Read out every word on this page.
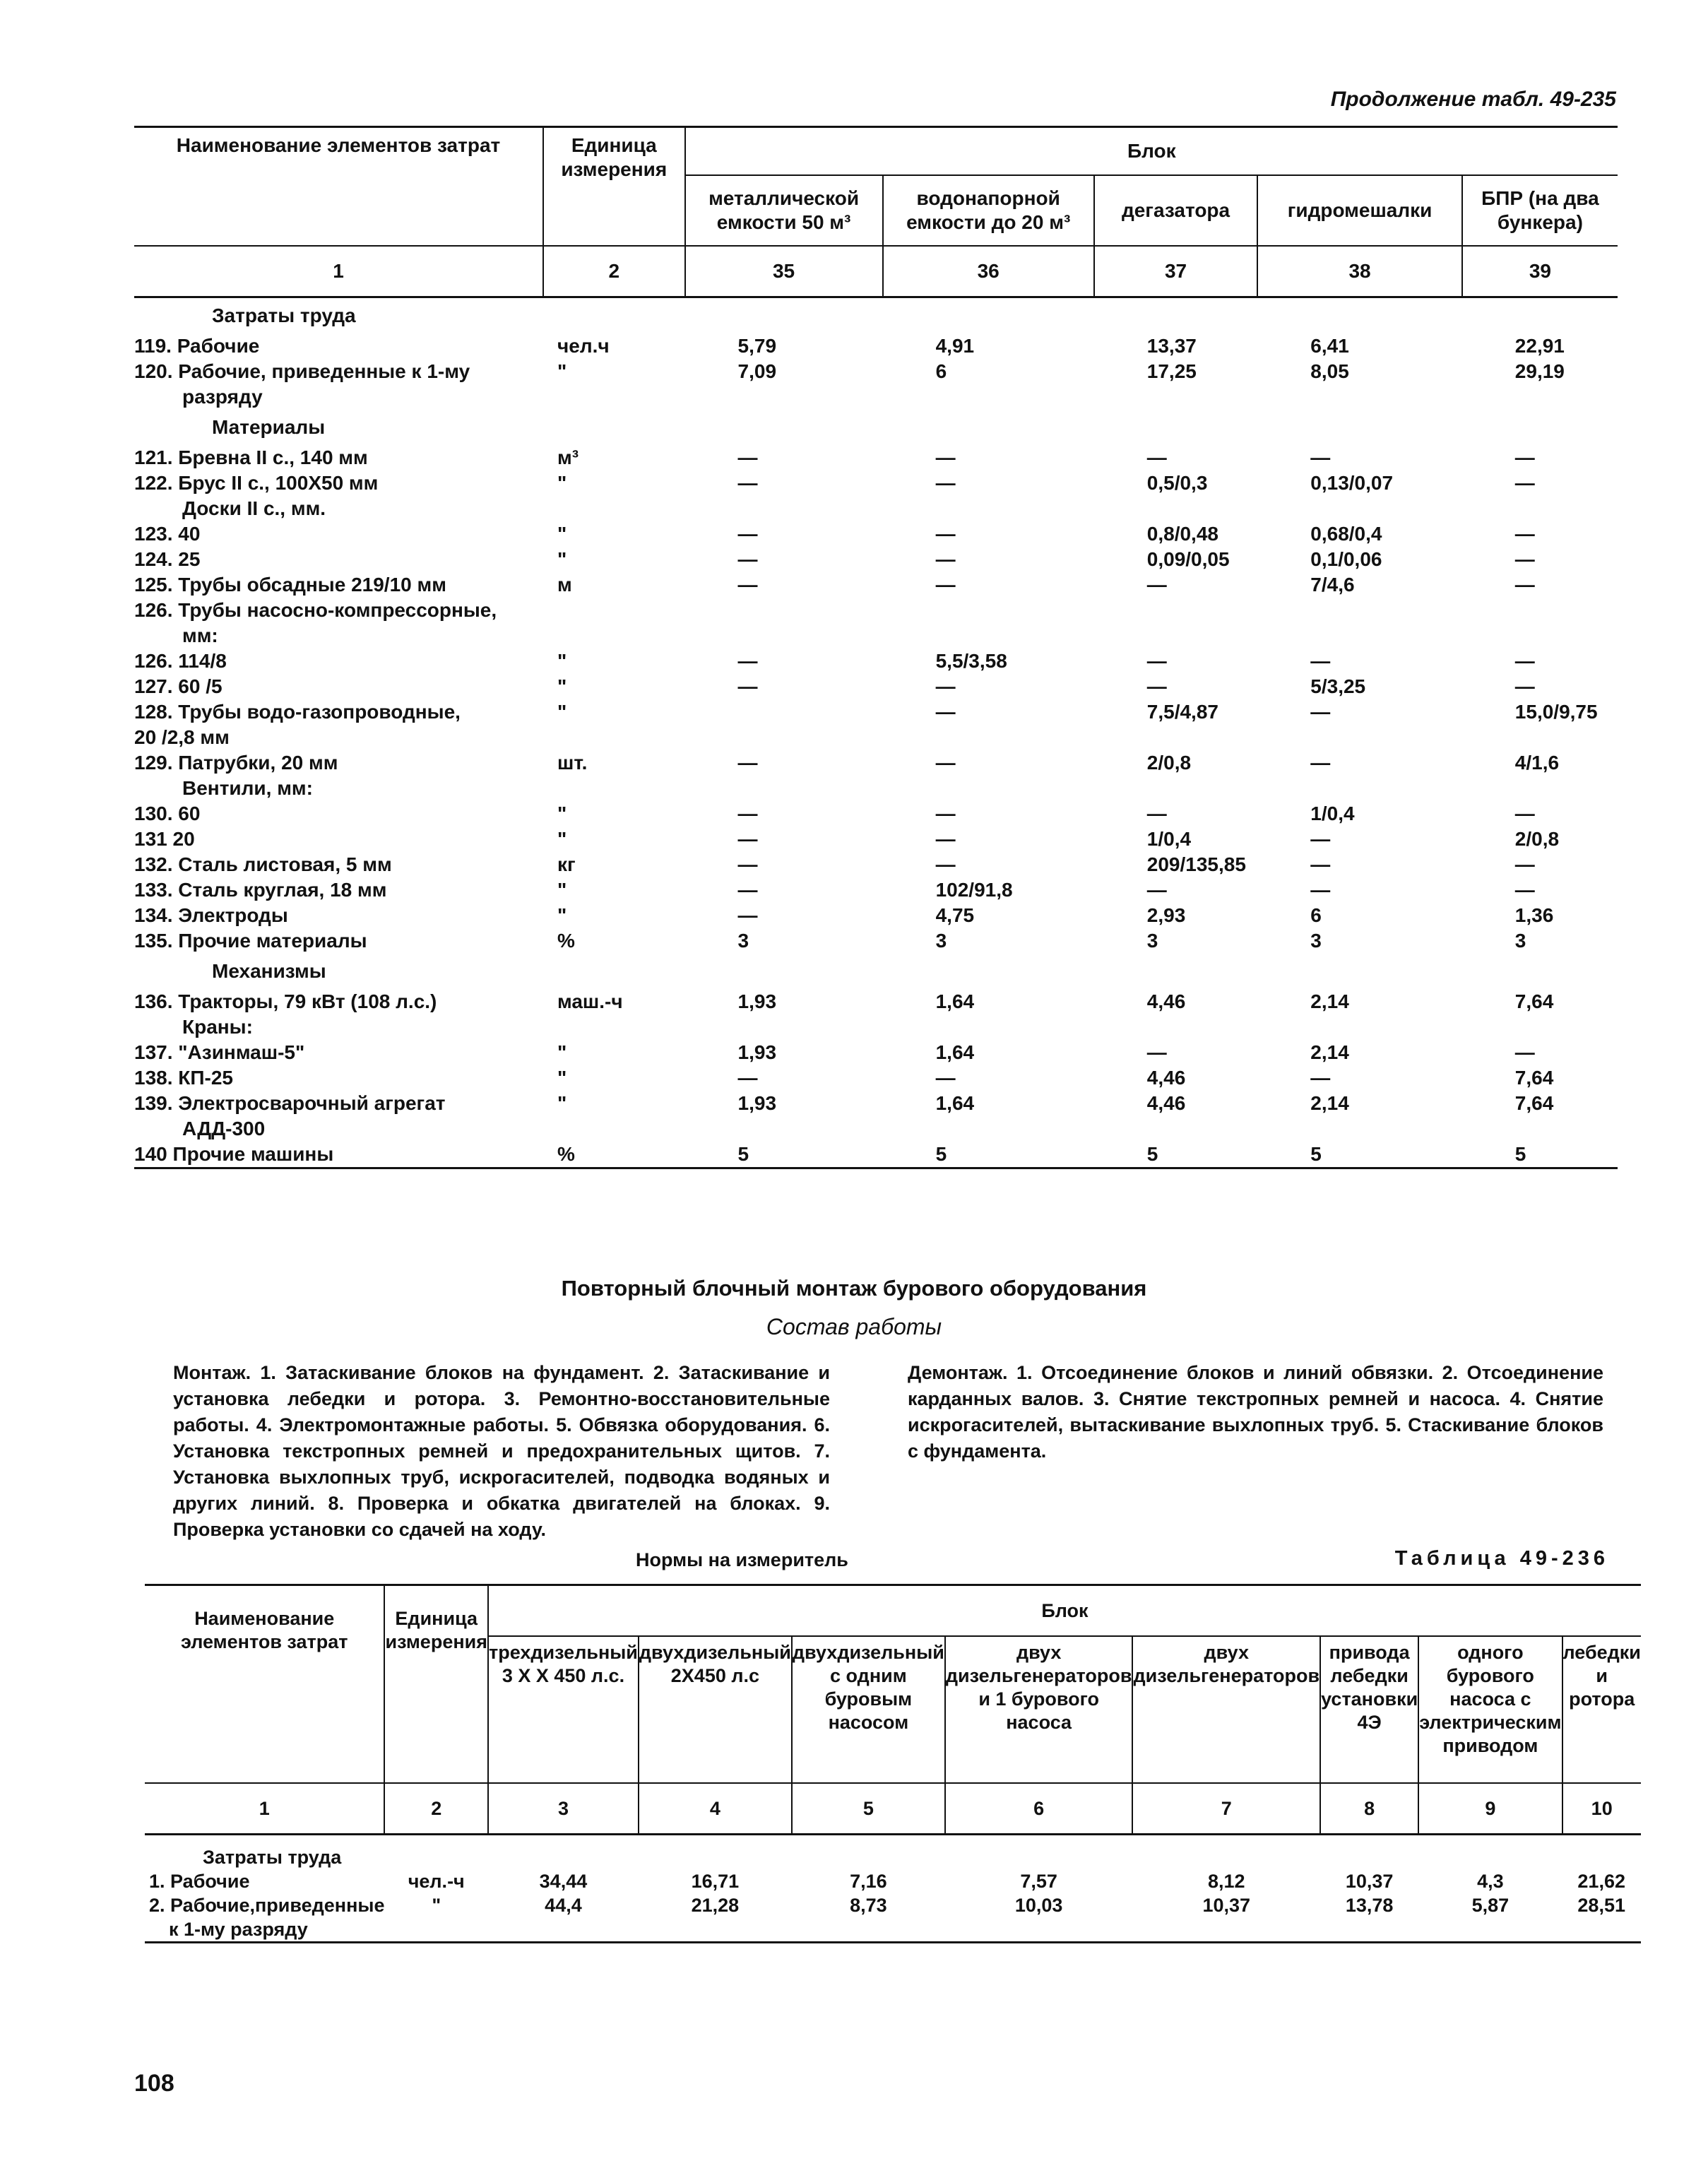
Продолжение табл. 49-235
Наименование элементов затрат	Единица измерения	Блок				
		металлической емкости 50 м³	водонапорной емкости до 20 м³	дегазатора	гидромешалки	БПР (на два бункера)
1	2	35	36	37	38	39
Затраты труда						
119. Рабочие	чел.ч	5,79	4,91	13,37	6,41	22,91
120. Рабочие, приведенные к 1-му	"	7,09	6	17,25	8,05	29,19
разряду						
Материалы						
121. Бревна II с., 140 мм	м³	—	—	—	—	—
122. Брус II с., 100Х50 мм	"	—	—	0,5/0,3	0,13/0,07	—
Доски II с., мм.						
123. 40	"	—	—	0,8/0,48	0,68/0,4	—
124. 25	"	—	—	0,09/0,05	0,1/0,06	—
125. Трубы обсадные 219/10 мм	м	—	—	—	7/4,6	—
126. Трубы насосно-компрессорные,						
мм:						
126. 114/8	"	—	5,5/3,58	—	—	—
127. 60 /5	"	—	—	—	5/3,25	—
128. Трубы водо-газопроводные,	"		—	7,5/4,87	—	15,0/9,75
20 /2,8 мм						
129. Патрубки, 20 мм	шт.	—	—	2/0,8	—	4/1,6
Вентили, мм:						
130. 60	"	—	—	—	1/0,4	—
131 20	"	—	—	1/0,4	—	2/0,8
132. Сталь листовая, 5 мм	кг	—	—	209/135,85	—	—
133. Сталь круглая, 18 мм	"	—	102/91,8	—	—	—
134. Электроды	"	—	4,75	2,93	6	1,36
135. Прочие материалы	%	3	3	3	3	3
Механизмы						
136. Тракторы, 79 кВт (108 л.с.)	маш.-ч	1,93	1,64	4,46	2,14	7,64
Краны:						
137. "Азинмаш-5"	"	1,93	1,64	—	2,14	—
138. КП-25	"	—	—	4,46	—	7,64
139. Электросварочный агрегат	"	1,93	1,64	4,46	2,14	7,64
АДД-300						
140 Прочие машины	%	5	5	5	5	5
Повторный блочный монтаж бурового оборудования
Состав работы
Монтаж. 1. Затаскивание блоков на фундамент. 2. Затаскивание и установка лебедки и ротора. 3. Ремонтно-восстановительные работы. 4. Электромонтажные работы. 5. Обвязка оборудования. 6. Установка текстропных ремней и предохранительных щитов. 7. Установка выхлопных труб, искрогасителей, подводка водяных и других линий. 8. Проверка и обкатка двигателей на блоках. 9. Проверка установки со сдачей на ходу.
Демонтаж. 1. Отсоединение блоков и линий обвязки. 2. Отсоединение карданных валов. 3. Снятие текстропных ремней и насоса. 4. Снятие искрогасителей, вытаскивание выхлопных труб. 5. Стаскивание блоков с фундамента.
Нормы на измеритель	Таблица 49-236
Наименование элементов затрат	Единица измерения	Блок							
		трехдизельный 3 Х Х 450 л.с.	двухдизельный 2Х450 л.с	двухдизельный с одним буровым насосом	двух дизельгенераторов и 1 бурового насоса	двух дизельгенераторов	привода лебедки установки 4Э	одного бурового насоса с электрическим приводом	лебедки и ротора
1	2	3	4	5	6	7	8	9	10
Затраты труда									
1. Рабочие	чел.-ч	34,44	16,71	7,16	7,57	8,12	10,37	4,3	21,62
2. Рабочие,приведенные	"	44,4	21,28	8,73	10,03	10,37	13,78	5,87	28,51
к 1-му разряду									
108
